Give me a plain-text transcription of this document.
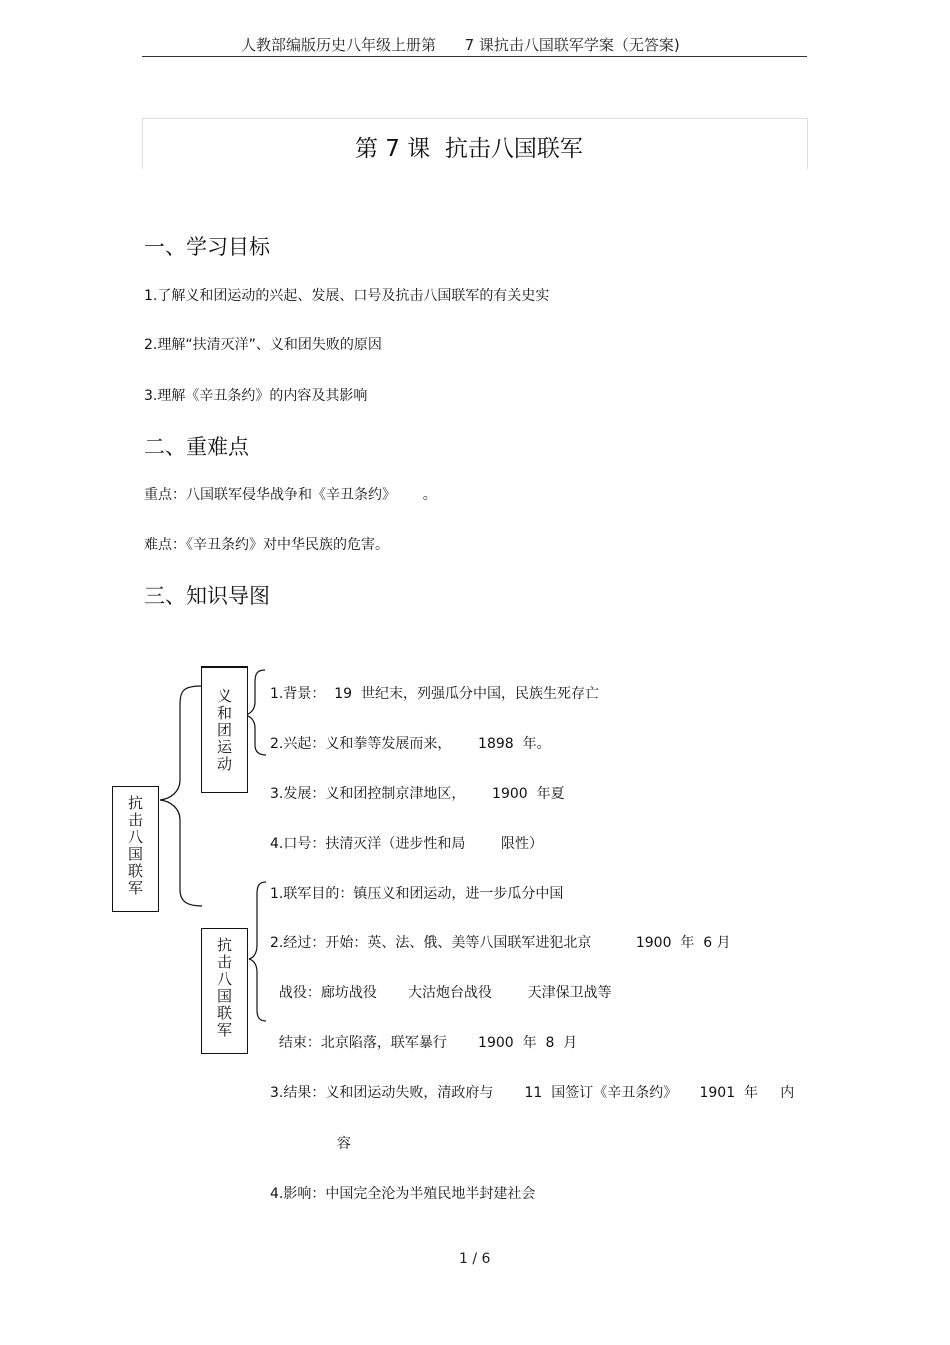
人教部编版历史八年级上册第      7 课抗击八国联军学案（无答案)
第 7 课  抗击八国联军
一、学习目标
1.了解义和团运动的兴起、发展、口号及抗击八国联军的有关史实
2.理解“扶清灭洋”、义和团失败的原因
3.理解《辛丑条约》的内容及其影响
二、重难点
重点：八国联军侵华战争和《辛丑条约》      。
难点：《辛丑条约》对中华民族的危害。
三、知识导图
抗
击
八
国
联
军
义
和
团
运
动
抗
击
八
国
联
军
1.背景：  19  世纪末，列强瓜分中国，民族生死存亡
2.兴起：义和拳等发展而来，      1898  年。
3.发展：义和团控制京津地区，      1900  年夏
4.口号：扶清灭洋（进步性和局        限性）
1.联军目的：镇压义和团运动，进一步瓜分中国
2.经过：开始：英、法、俄、美等八国联军进犯北京          1900  年  6 月
战役：廊坊战役       大沽炮台战役        天津保卫战等
结束：北京陷落，联军暴行       1900  年  8  月
3.结果：义和团运动失败，清政府与       11  国签订《辛丑条约》     1901  年     内
容
4.影响：中国完全沦为半殖民地半封建社会
1 / 6
